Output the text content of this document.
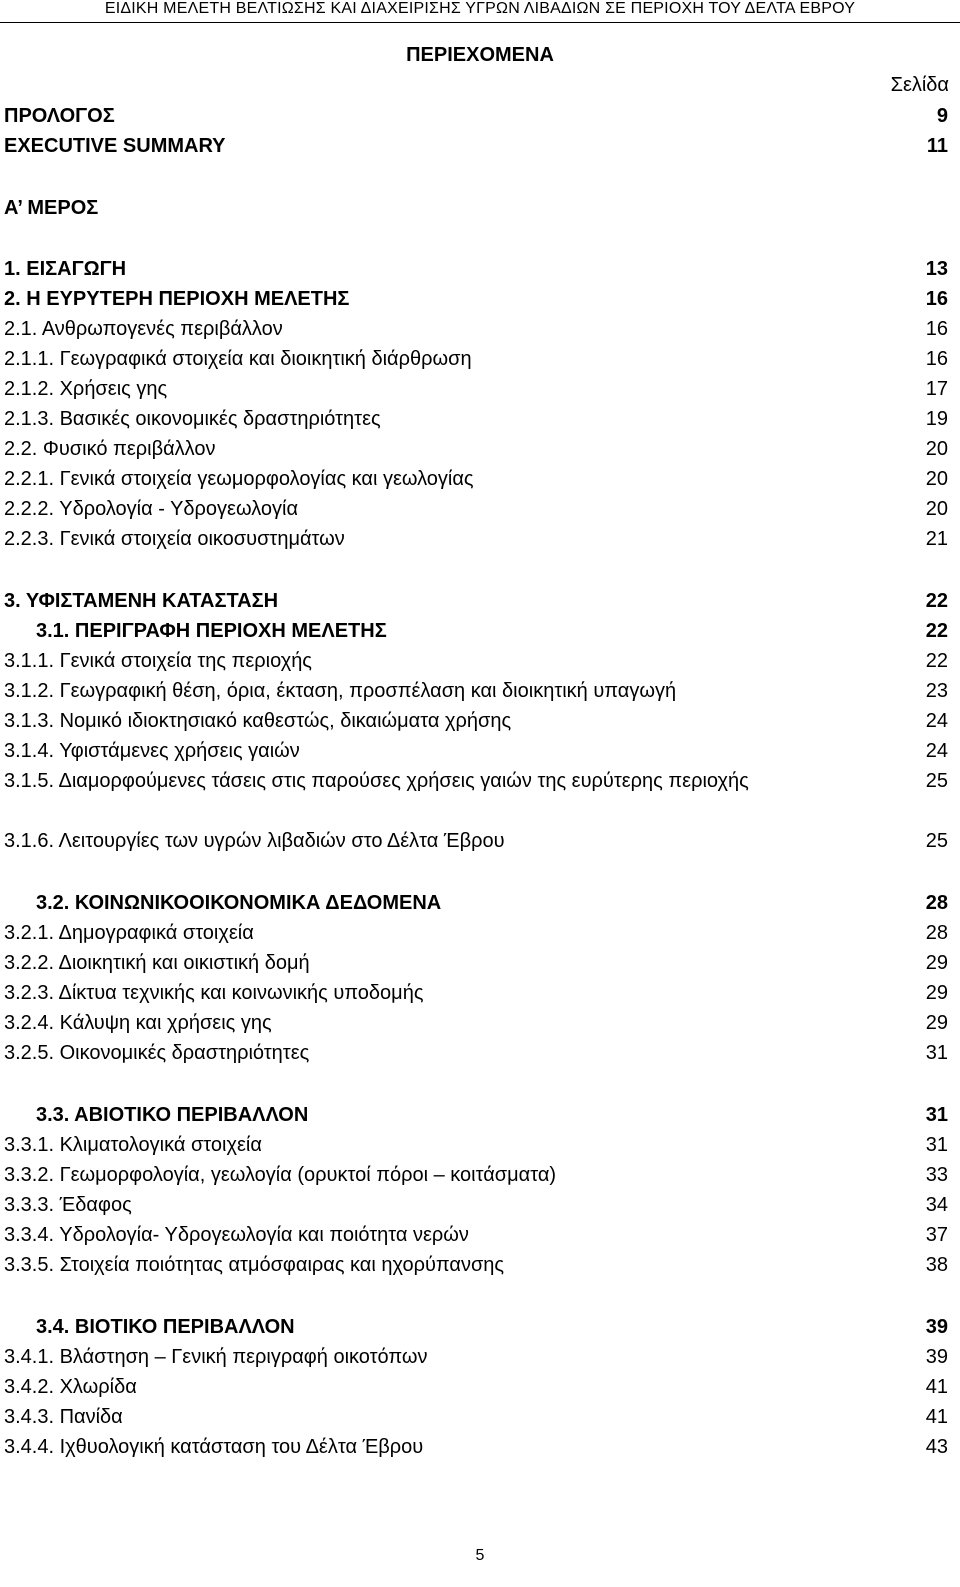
ΕΙΔΙΚΗ ΜΕΛΕΤΗ ΒΕΛΤΙΩΣΗΣ ΚΑΙ ΔΙΑΧΕΙΡΙΣΗΣ ΥΓΡΩΝ ΛΙΒΑΔΙΩΝ ΣΕ ΠΕΡΙΟΧΗ ΤΟΥ ΔΕΛΤΑ ΕΒΡΟΥ
ΠΕΡΙΕΧΟΜΕΝΑ
Σελίδα
ΠΡΟΛΟΓΟΣ	9
EXECUTIVE SUMMARY	11
Α’ ΜΕΡΟΣ
1. ΕΙΣΑΓΩΓΗ	13
2. Η ΕΥΡΥΤΕΡΗ ΠΕΡΙΟΧΗ ΜΕΛΕΤΗΣ	16
2.1. Ανθρωπογενές περιβάλλον	16
2.1.1. Γεωγραφικά στοιχεία και διοικητική διάρθρωση	16
2.1.2. Χρήσεις γης	17
2.1.3. Βασικές οικονομικές δραστηριότητες	19
2.2. Φυσικό περιβάλλον	20
2.2.1. Γενικά στοιχεία γεωμορφολογίας και γεωλογίας	20
2.2.2. Υδρολογία - Υδρογεωλογία	20
2.2.3. Γενικά στοιχεία οικοσυστημάτων	21
3. ΥΦΙΣΤΑΜΕΝΗ ΚΑΤΑΣΤΑΣΗ	22
3.1. ΠΕΡΙΓΡΑΦΗ ΠΕΡΙΟΧΗ ΜΕΛΕΤΗΣ	22
3.1.1. Γενικά στοιχεία της περιοχής	22
3.1.2. Γεωγραφική θέση, όρια, έκταση, προσπέλαση και διοικητική υπαγωγή	23
3.1.3. Νομικό ιδιοκτησιακό καθεστώς, δικαιώματα χρήσης	24
3.1.4. Υφιστάμενες χρήσεις γαιών	24
3.1.5. Διαμορφούμενες τάσεις στις παρούσες χρήσεις γαιών της ευρύτερης περιοχής	25
3.1.6. Λειτουργίες των υγρών λιβαδιών στο Δέλτα Έβρου	25
3.2. ΚΟΙΝΩΝΙΚΟΟΙΚΟΝΟΜΙΚΑ ΔΕΔΟΜΕΝΑ	28
3.2.1. Δημογραφικά στοιχεία	28
3.2.2. Διοικητική και οικιστική δομή	29
3.2.3. Δίκτυα τεχνικής και κοινωνικής υποδομής	29
3.2.4. Κάλυψη και χρήσεις γης	29
3.2.5. Οικονομικές δραστηριότητες	31
3.3. ΑΒΙΟΤΙΚΟ ΠΕΡΙΒΑΛΛΟΝ	31
3.3.1. Κλιματολογικά στοιχεία	31
3.3.2. Γεωμορφολογία, γεωλογία (ορυκτοί πόροι – κοιτάσματα)	33
3.3.3. Έδαφος	34
3.3.4. Υδρολογία- Υδρογεωλογία και ποιότητα νερών	37
3.3.5. Στοιχεία ποιότητας ατμόσφαιρας και ηχορύπανσης	38
3.4. ΒΙΟΤΙΚΟ ΠΕΡΙΒΑΛΛΟΝ	39
3.4.1. Βλάστηση – Γενική περιγραφή οικοτόπων	39
3.4.2. Χλωρίδα	41
3.4.3. Πανίδα	41
3.4.4. Ιχθυολογική κατάσταση του Δέλτα Έβρου	43
5
